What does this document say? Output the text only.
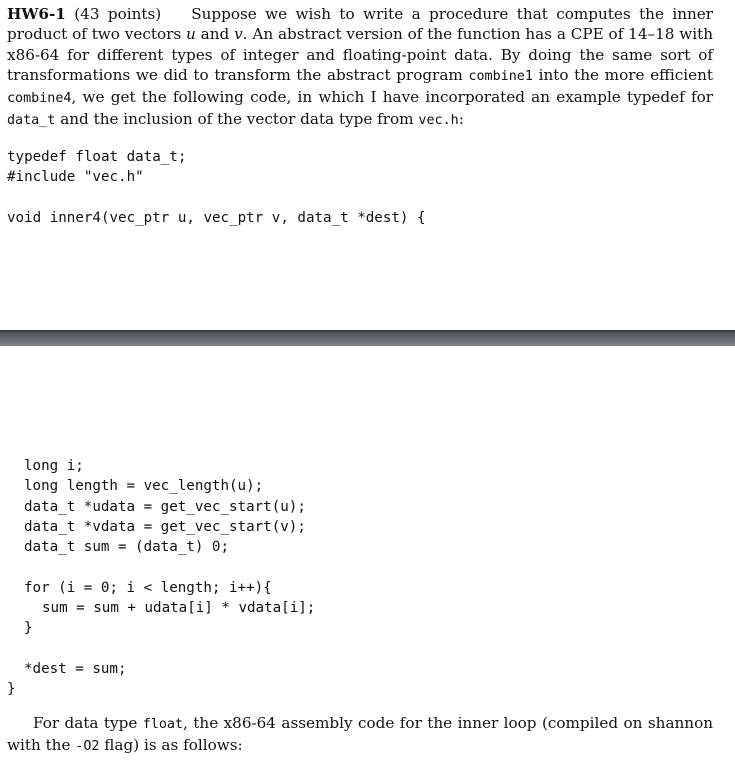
HW6-1 (43 points) Suppose we wish to write a procedure that computes the inner product of two vectors u and v. An abstract version of the function has a CPE of 14–18 with x86-64 for different types of integer and floating-point data. By doing the same sort of transformations we did to transform the abstract program combine1 into the more efficient combine4, we get the following code, in which I have incorporated an example typedef for data_t and the inclusion of the vector data type from vec.h:
typedef float data_t;
#include "vec.h"
void inner4(vec_ptr u, vec_ptr v, data_t *dest) {
long i;
long length = vec_length(u);
data_t *udata = get_vec_start(u);
data_t *vdata = get_vec_start(v);
data_t sum = (data_t) 0;
for (i = 0; i < length; i++){
sum = sum + udata[i] * vdata[i];
}
*dest = sum;
}
For data type float, the x86-64 assembly code for the inner loop (compiled on shannon with the -O2 flag) is as follows:
